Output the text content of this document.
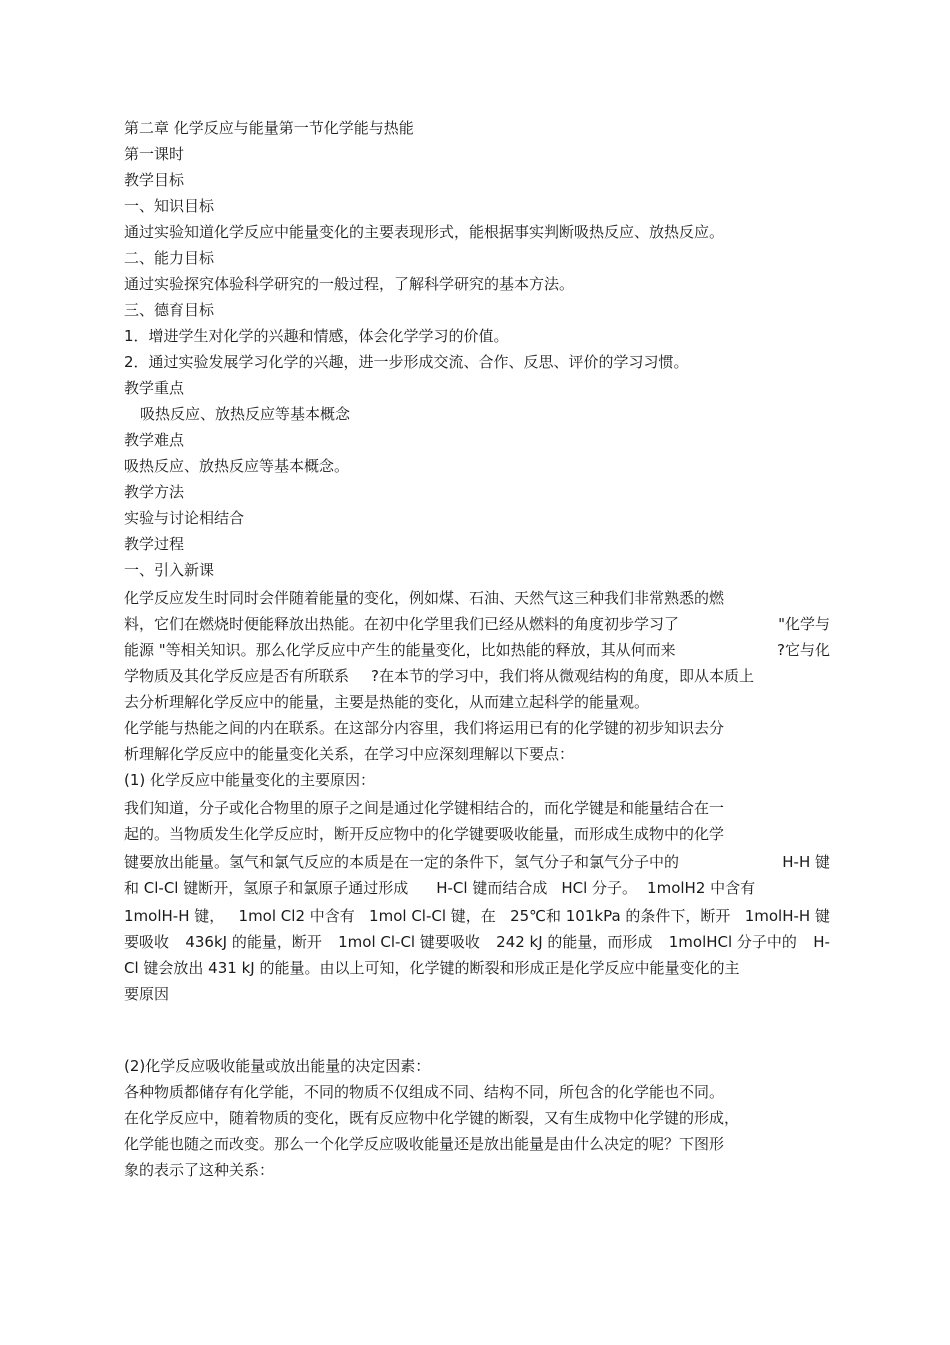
第二章 化学反应与能量第一节化学能与热能
第一课时
教学目标
一、知识目标
通过实验知道化学反应中能量变化的主要表现形式，能根据事实判断吸热反应、放热反应。
二、能力目标
通过实验探究体验科学研究的一般过程，了解科学研究的基本方法。
三、德育目标
1．增进学生对化学的兴趣和情感，体会化学学习的价值。
2．通过实验发展学习化学的兴趣，进一步形成交流、合作、反思、评价的学习习惯。
教学重点
吸热反应、放热反应等基本概念
教学难点
吸热反应、放热反应等基本概念。
教学方法
实验与讨论相结合
教学过程
一、引入新课
化学反应发生时同时会伴随着能量的变化，例如煤、石油、天然气这三种我们非常熟悉的燃
料，它们在燃烧时便能释放出热能。在初中化学里我们已经从燃料的角度初步学习了	"化学与
能源 "等相关知识。那么化学反应中产生的能量变化，比如热能的释放，其从何而来	?它与化
学物质及其化学反应是否有所联系 ?在本节的学习中，我们将从微观结构的角度，即从本质上
去分析理解化学反应中的能量，主要是热能的变化，从而建立起科学的能量观。
化学能与热能之间的内在联系。在这部分内容里，我们将运用已有的化学键的初步知识去分
析理解化学反应中的能量变化关系，在学习中应深刻理解以下要点：
(1) 化学反应中能量变化的主要原因：
我们知道，分子或化合物里的原子之间是通过化学键相结合的，而化学键是和能量结合在一
起的。当物质发生化学反应时，断开反应物中的化学键要吸收能量，而形成生成物中的化学
键要放出能量。氢气和氯气反应的本质是在一定的条件下，氢气分子和氯气分子中的	H-H 键
和 Cl-Cl 键断开，氢原子和氯原子通过形成 H-Cl 键而结合成 HCl 分子。 1molH2 中含有
1molH-H 键， 1mol Cl2 中含有 1mol Cl-Cl 键，在 25℃和 101kPa 的条件下，断开 1molH-H 键
要吸收 436kJ 的能量，断开 1mol Cl-Cl 键要吸收 242 kJ 的能量，而形成 1molHCl 分子中的 H-
Cl 键会放出 431 kJ 的能量。由以上可知，化学键的断裂和形成正是化学反应中能量变化的主
要原因
(2)化学反应吸收能量或放出能量的决定因素：
各种物质都储存有化学能，不同的物质不仅组成不同、结构不同，所包含的化学能也不同。
在化学反应中，随着物质的变化，既有反应物中化学键的断裂，又有生成物中化学键的形成，
化学能也随之而改变。那么一个化学反应吸收能量还是放出能量是由什么决定的呢？下图形
象的表示了这种关系：
